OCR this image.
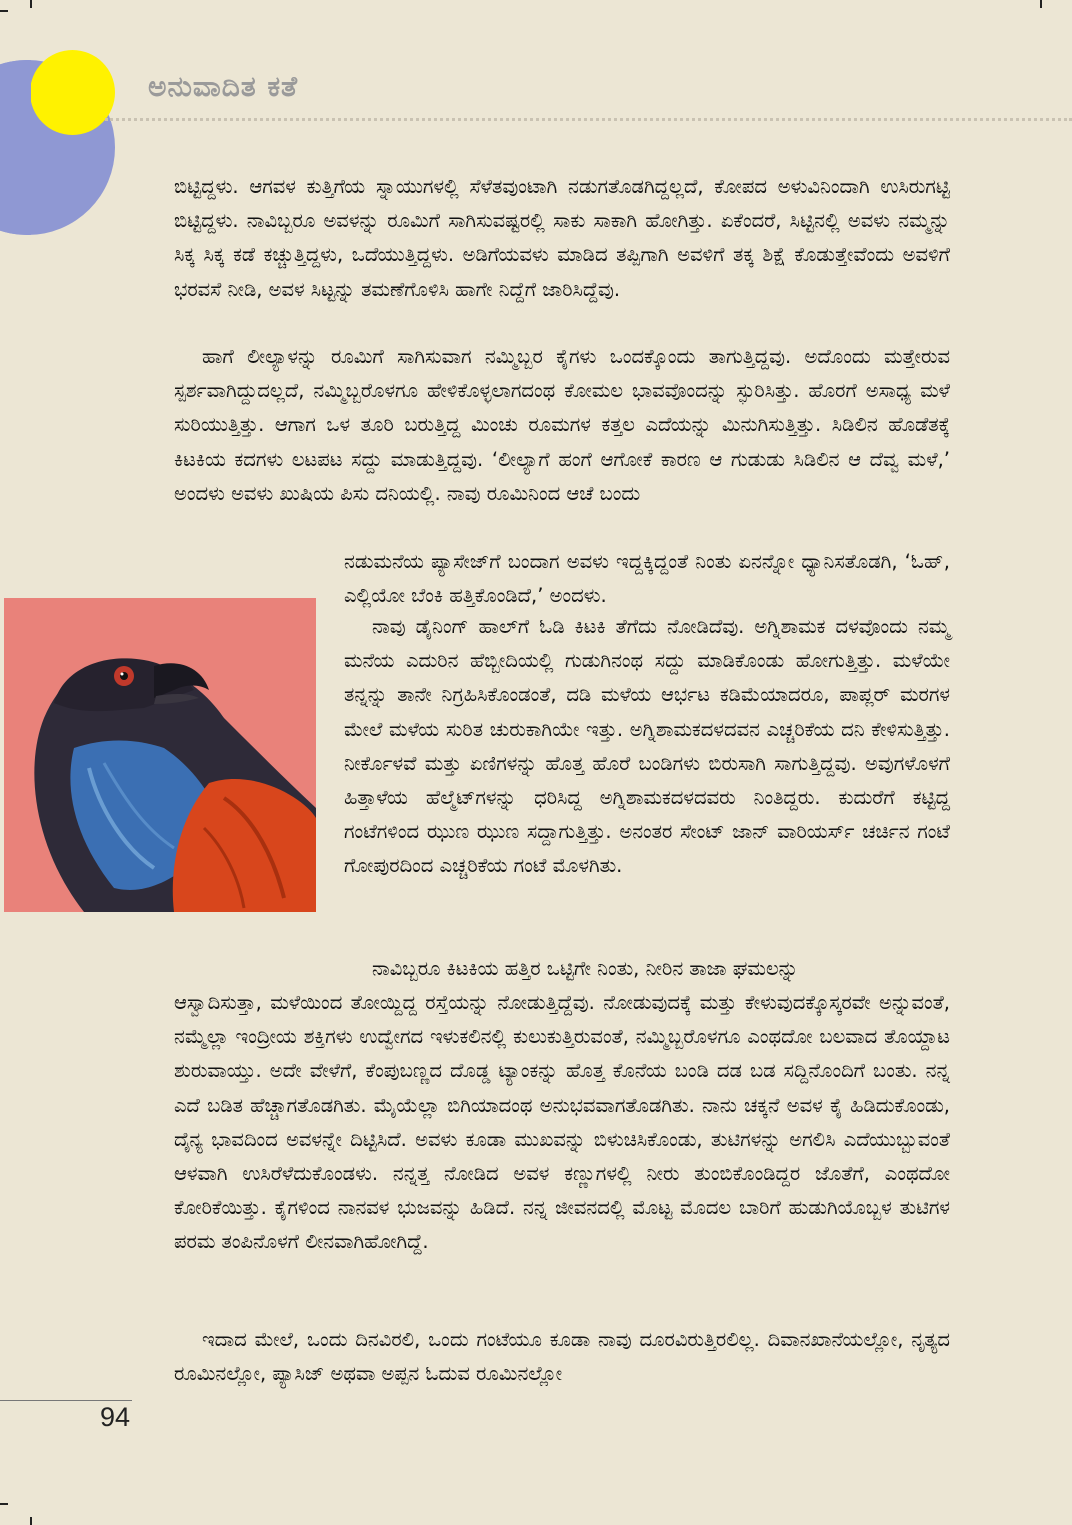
ಅನುವಾದಿತ ಕತೆ

ಬಿಟ್ಟಿದ್ದಳು. ಆಗವಳ ಕುತ್ತಿಗೆಯ ಸ್ನಾಯುಗಳಲ್ಲಿ ಸೆಳೆತವುಂಟಾಗಿ ನಡುಗತೊಡಗಿದ್ದಲ್ಲದೆ, ಕೋಪದ ಅಳುವಿನಿಂದಾಗಿ ಉಸಿರುಗಟ್ಟಿ ಬಿಟ್ಟಿದ್ದಳು. ನಾವಿಬ್ಬರೂ ಅವಳನ್ನು ರೂಮಿಗೆ ಸಾಗಿಸುವಷ್ಟರಲ್ಲಿ ಸಾಕು ಸಾಕಾಗಿ ಹೋಗಿತ್ತು. ಏಕೆಂದರೆ, ಸಿಟ್ಟಿನಲ್ಲಿ ಅವಳು ನಮ್ಮನ್ನು ಸಿಕ್ಕ ಸಿಕ್ಕ ಕಡೆ ಕಚ್ಚುತ್ತಿದ್ದಳು, ಒದೆಯುತ್ತಿದ್ದಳು. ಅಡಿಗೆಯವಳು ಮಾಡಿದ ತಪ್ಪಿಗಾಗಿ ಅವಳಿಗೆ ತಕ್ಕ ಶಿಕ್ಷೆ ಕೊಡುತ್ತೇವೆಂದು ಅವಳಿಗೆ ಭರವಸೆ ನೀಡಿ, ಅವಳ ಸಿಟ್ಟನ್ನು ತಮಣೆಗೊಳಿಸಿ ಹಾಗೇ ನಿದ್ದೆಗೆ ಜಾರಿಸಿದ್ದೆವು.

ಹಾಗೆ ಲೀಲ್ಯಾಳನ್ನು ರೂಮಿಗೆ ಸಾಗಿಸುವಾಗ ನಮ್ಮಿಬ್ಬರ ಕೈಗಳು ಒಂದಕ್ಕೊಂದು ತಾಗುತ್ತಿದ್ದವು. ಅದೊಂದು ಮತ್ತೇರುವ ಸ್ಪರ್ಶವಾಗಿದ್ದುದಲ್ಲದೆ, ನಮ್ಮಿಬ್ಬರೊಳಗೂ ಹೇಳಿಕೊಳ್ಳಲಾಗದಂಥ ಕೋಮಲ ಭಾವವೊಂದನ್ನು ಸ್ಫುರಿಸಿತ್ತು. ಹೊರಗೆ ಅಸಾಧ್ಯ ಮಳೆ ಸುರಿಯುತ್ತಿತ್ತು. ಆಗಾಗ ಒಳ ತೂರಿ ಬರುತ್ತಿದ್ದ ಮಿಂಚು ರೂಮಗಳ ಕತ್ತಲ ಎದೆಯನ್ನು ಮಿನುಗಿಸುತ್ತಿತ್ತು. ಸಿಡಿಲಿನ ಹೊಡೆತಕ್ಕೆ ಕಿಟಕಿಯ ಕದಗಳು ಲಟಪಟ ಸದ್ದು ಮಾಡುತ್ತಿದ್ದವು. ‘ಲೀಲ್ಯಾಗೆ ಹಂಗೆ ಆಗೋಕೆ ಕಾರಣ ಆ ಗುಡುಡು ಸಿಡಿಲಿನ ಆ ದೆವ್ವ ಮಳೆ,’ ಅಂದಳು ಅವಳು ಖುಷಿಯ ಪಿಸು ದನಿಯಲ್ಲಿ. ನಾವು ರೂಮಿನಿಂದ ಆಚೆ ಬಂದು

ನಡುಮನೆಯ ಪ್ಯಾಸೇಜ್‌ಗೆ ಬಂದಾಗ ಅವಳು ಇದ್ದಕ್ಕಿದ್ದಂತೆ ನಿಂತು ಏನನ್ನೋ ಧ್ಯಾನಿಸತೊಡಗಿ, ‘ಓಹ್, ಎಲ್ಲಿಯೋ ಬೆಂಕಿ ಹತ್ತಿಕೊಂಡಿದೆ,’ ಅಂದಳು.

ನಾವು ಡೈನಿಂಗ್ ಹಾಲ್‌ಗೆ ಓಡಿ ಕಿಟಕಿ ತೆಗೆದು ನೋಡಿದೆವು. ಅಗ್ನಿಶಾಮಕ ದಳವೊಂದು ನಮ್ಮ ಮನೆಯ ಎದುರಿನ ಹೆಬ್ಬೀದಿಯಲ್ಲಿ ಗುಡುಗಿನಂಥ ಸದ್ದು ಮಾಡಿಕೊಂಡು ಹೋಗುತ್ತಿತ್ತು. ಮಳೆಯೇ ತನ್ನನ್ನು ತಾನೇ ನಿಗ್ರಹಿಸಿಕೊಂಡಂತೆ, ದಡಿ ಮಳೆಯ ಆರ್ಭಟ ಕಡಿಮೆಯಾದರೂ, ಪಾಪ್ಲರ್ ಮರಗಳ ಮೇಲೆ ಮಳೆಯ ಸುರಿತ ಚುರುಕಾಗಿಯೇ ಇತ್ತು. ಅಗ್ನಿಶಾಮಕದಳದವನ ಎಚ್ಚರಿಕೆಯ ದನಿ ಕೇಳಿಸುತ್ತಿತ್ತು. ನೀರ್ಕೊಳವೆ ಮತ್ತು ಏಣಿಗಳನ್ನು ಹೊತ್ತ ಹೊರೆ ಬಂಡಿಗಳು ಬಿರುಸಾಗಿ ಸಾಗುತ್ತಿದ್ದವು. ಅವುಗಳೊಳಗೆ ಹಿತ್ತಾಳೆಯ ಹೆಲ್ಮೆಟ್‌ಗಳನ್ನು ಧರಿಸಿದ್ದ ಅಗ್ನಿಶಾಮಕದಳದವರು ನಿಂತಿದ್ದರು. ಕುದುರೆಗೆ ಕಟ್ಟಿದ್ದ ಗಂಟೆಗಳಿಂದ ಝುಣ ಝುಣ ಸದ್ದಾಗುತ್ತಿತ್ತು. ಅನಂತರ ಸೇಂಟ್ ಜಾನ್ ವಾರಿಯರ್ಸ್ ಚರ್ಚಿನ ಗಂಟೆ ಗೋಪುರದಿಂದ ಎಚ್ಚರಿಕೆಯ ಗಂಟೆ ಮೊಳಗಿತು.

ನಾವಿಬ್ಬರೂ ಕಿಟಕಿಯ ಹತ್ತಿರ ಒಟ್ಟಿಗೇ ನಿಂತು, ನೀರಿನ ತಾಜಾ ಘಮಲನ್ನು

ಆಸ್ವಾದಿಸುತ್ತಾ, ಮಳೆಯಿಂದ ತೋಯ್ದಿದ್ದ ರಸ್ತೆಯನ್ನು ನೋಡುತ್ತಿದ್ದೆವು. ನೋಡುವುದಕ್ಕೆ ಮತ್ತು ಕೇಳುವುದಕ್ಕೊಸ್ಕರವೇ ಅನ್ನುವಂತೆ, ನಮ್ಮೆಲ್ಲಾ ಇಂದ್ರೀಯ ಶಕ್ತಿಗಳು ಉದ್ವೇಗದ ಇಳುಕಲಿನಲ್ಲಿ ಕುಲುಕುತ್ತಿರುವಂತೆ, ನಮ್ಮಿಬ್ಬರೊಳಗೂ ಎಂಥದೋ ಬಲವಾದ ತೊಯ್ದಾಟ ಶುರುವಾಯ್ತು. ಅದೇ ವೇಳೆಗೆ, ಕೆಂಪುಬಣ್ಣದ ದೊಡ್ಡ ಟ್ಯಾಂಕನ್ನು ಹೊತ್ತ ಕೊನೆಯ ಬಂಡಿ ದಡ ಬಡ ಸದ್ದಿನೊಂದಿಗೆ ಬಂತು. ನನ್ನ ಎದೆ ಬಡಿತ ಹೆಚ್ಚಾಗತೊಡಗಿತು. ಮೈಯೆಲ್ಲಾ ಬಿಗಿಯಾದಂಥ ಅನುಭವವಾಗತೊಡಗಿತು. ನಾನು ಚಕ್ಕನೆ ಅವಳ ಕೈ ಹಿಡಿದುಕೊಂಡು, ದೈನ್ಯ ಭಾವದಿಂದ ಅವಳನ್ನೇ ದಿಟ್ಟಿಸಿದೆ. ಅವಳು ಕೂಡಾ ಮುಖವನ್ನು ಬಿಳುಚಿಸಿಕೊಂಡು, ತುಟಿಗಳನ್ನು ಅಗಲಿಸಿ ಎದೆಯುಬ್ಬುವಂತೆ ಆಳವಾಗಿ ಉಸಿರೆಳೆದುಕೊಂಡಳು. ನನ್ನತ್ತ ನೋಡಿದ ಅವಳ ಕಣ್ಣುಗಳಲ್ಲಿ ನೀರು ತುಂಬಿಕೊಂಡಿದ್ದರ ಜೊತೆಗೆ, ಎಂಥದೋ ಕೋರಿಕೆಯಿತ್ತು. ಕೈಗಳಿಂದ ನಾನವಳ ಭುಜವನ್ನು ಹಿಡಿದೆ. ನನ್ನ ಜೀವನದಲ್ಲಿ ಮೊಟ್ಟ ಮೊದಲ ಬಾರಿಗೆ ಹುಡುಗಿಯೊಬ್ಬಳ ತುಟಿಗಳ ಪರಮ ತಂಪಿನೊಳಗೆ ಲೀನವಾಗಿಹೋಗಿದ್ದೆ.

ಇದಾದ ಮೇಲೆ, ಒಂದು ದಿನವಿರಲಿ, ಒಂದು ಗಂಟೆಯೂ ಕೂಡಾ ನಾವು ದೂರವಿರುತ್ತಿರಲಿಲ್ಲ. ದಿವಾನಖಾನೆಯಲ್ಲೋ, ನೃತ್ಯದ ರೂಮಿನಲ್ಲೋ, ಪ್ಯಾಸಿಜ್ ಅಥವಾ ಅಪ್ಪನ ಓದುವ ರೂಮಿನಲ್ಲೋ

94
